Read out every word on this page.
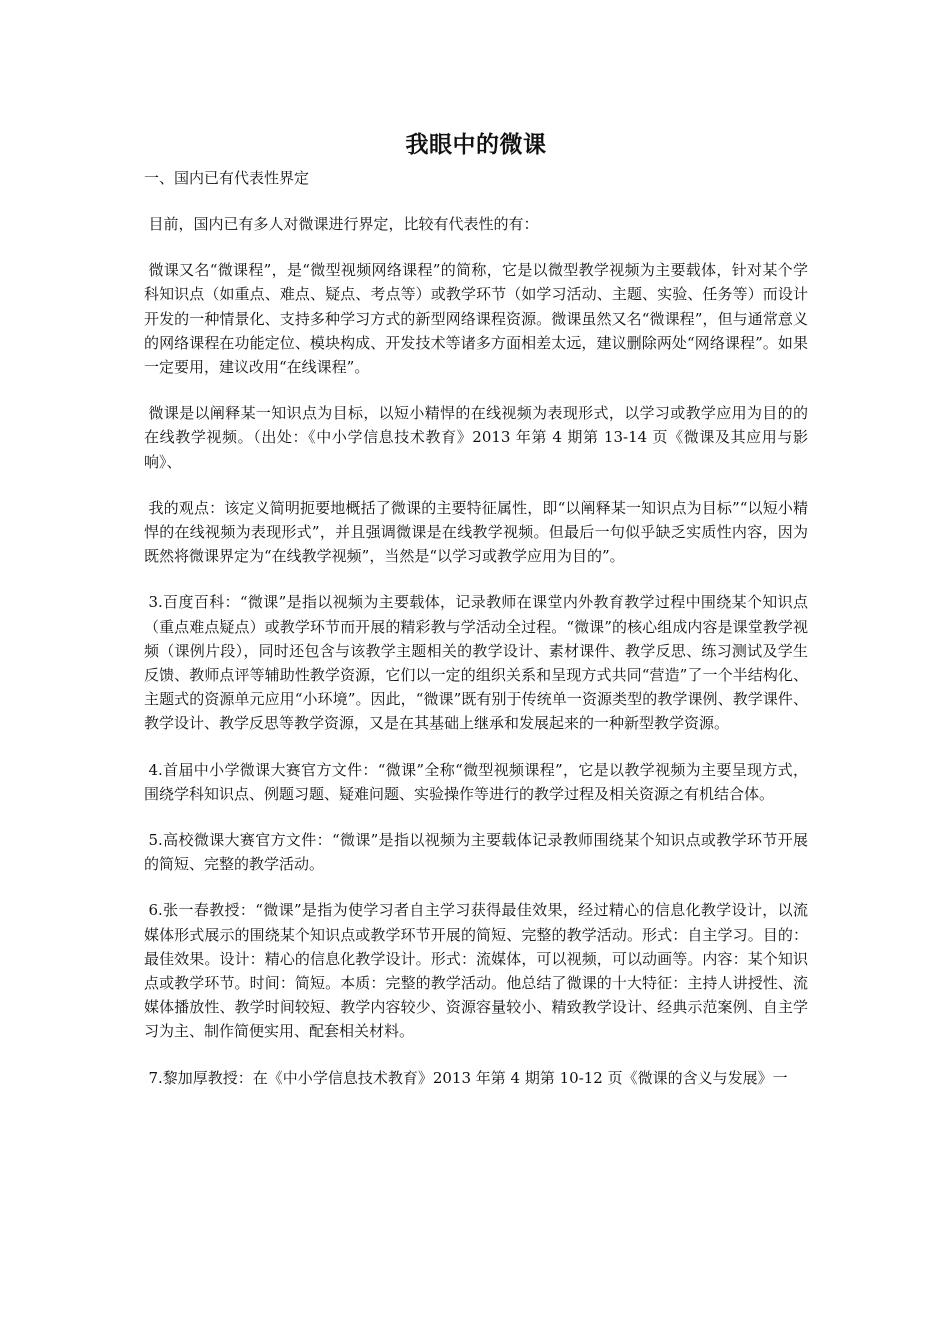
我眼中的微课
一、国内已有代表性界定

目前，国内已有多人对微课进行界定，比较有代表性的有：

微课又名“微课程”，是“微型视频网络课程”的简称，它是以微型教学视频为主要载体，针对某个学科知识点（如重点、难点、疑点、考点等）或教学环节（如学习活动、主题、实验、任务等）而设计开发的一种情景化、支持多种学习方式的新型网络课程资源。微课虽然又名“微课程”，但与通常意义的网络课程在功能定位、模块构成、开发技术等诸多方面相差太远，建议删除两处“网络课程”。如果一定要用，建议改用“在线课程”。

微课是以阐释某一知识点为目标，以短小精悍的在线视频为表现形式，以学习或教学应用为目的的在线教学视频。（出处：《中小学信息技术教育》2013 年第 4 期第 13-14 页《微课及其应用与影响》、

我的观点：该定义简明扼要地概括了微课的主要特征属性，即“以阐释某一知识点为目标”“以短小精悍的在线视频为表现形式”，并且强调微课是在线教学视频。但最后一句似乎缺乏实质性内容，因为既然将微课界定为“在线教学视频”，当然是“以学习或教学应用为目的”。

3.百度百科：“微课”是指以视频为主要载体，记录教师在课堂内外教育教学过程中围绕某个知识点（重点难点疑点）或教学环节而开展的精彩教与学活动全过程。“微课”的核心组成内容是课堂教学视频（课例片段），同时还包含与该教学主题相关的教学设计、素材课件、教学反思、练习测试及学生反馈、教师点评等辅助性教学资源，它们以一定的组织关系和呈现方式共同“营造”了一个半结构化、主题式的资源单元应用“小环境”。因此，“微课”既有别于传统单一资源类型的教学课例、教学课件、教学设计、教学反思等教学资源，又是在其基础上继承和发展起来的一种新型教学资源。

4.首届中小学微课大赛官方文件：“微课”全称“微型视频课程”，它是以教学视频为主要呈现方式，围绕学科知识点、例题习题、疑难问题、实验操作等进行的教学过程及相关资源之有机结合体。

5.高校微课大赛官方文件：“微课”是指以视频为主要载体记录教师围绕某个知识点或教学环节开展的简短、完整的教学活动。

6.张一春教授：“微课”是指为使学习者自主学习获得最佳效果，经过精心的信息化教学设计，以流媒体形式展示的围绕某个知识点或教学环节开展的简短、完整的教学活动。形式：自主学习。目的：最佳效果。设计：精心的信息化教学设计。形式：流媒体，可以视频，可以动画等。内容：某个知识点或教学环节。时间：简短。本质：完整的教学活动。他总结了微课的十大特征：主持人讲授性、流媒体播放性、教学时间较短、教学内容较少、资源容量较小、精致教学设计、经典示范案例、自主学习为主、制作简便实用、配套相关材料。

7.黎加厚教授：在《中小学信息技术教育》2013 年第 4 期第 10-12 页《微课的含义与发展》一
